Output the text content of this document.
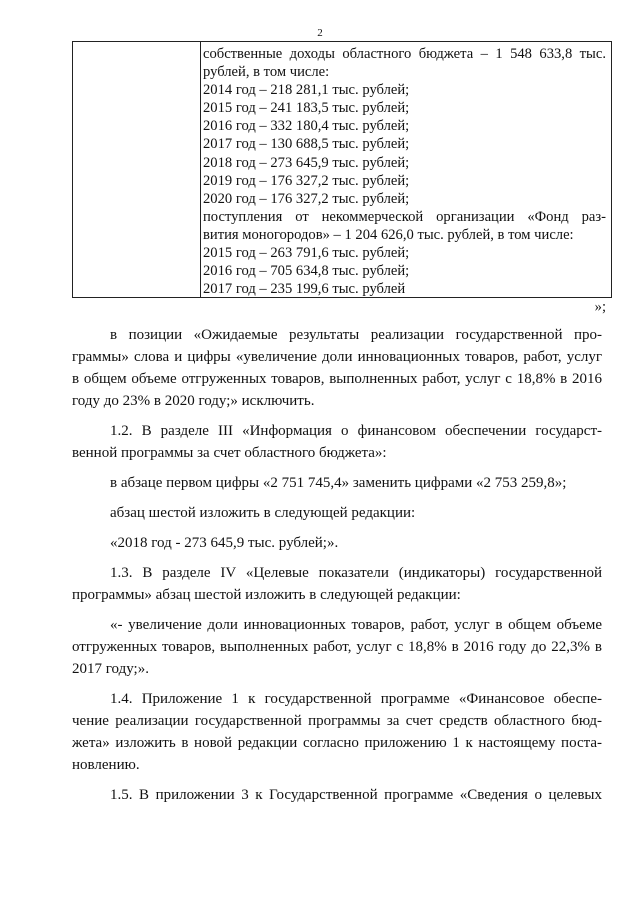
2
собственные доходы областного бюджета – 1 548 633,8 тыс.
рублей, в том числе:
2014 год – 218 281,1 тыс. рублей;
2015 год – 241 183,5 тыс. рублей;
2016 год – 332 180,4 тыс. рублей;
2017 год – 130 688,5 тыс. рублей;
2018 год – 273 645,9 тыс. рублей;
2019 год – 176 327,2 тыс. рублей;
2020 год – 176 327,2 тыс. рублей;
поступления от некоммерческой организации «Фонд раз-
вития моногородов» – 1 204 626,0 тыс. рублей, в том числе:
2015 год – 263 791,6 тыс. рублей;
2016 год – 705 634,8 тыс. рублей;
2017 год – 235 199,6 тыс. рублей
»;

в позиции «Ожидаемые результаты реализации государственной про-
граммы» слова и цифры «увеличение доли инновационных товаров, работ, услуг
в общем объеме отгруженных товаров, выполненных работ, услуг с 18,8% в 2016
году до 23% в 2020 году;» исключить.

1.2. В разделе III «Информация о финансовом обеспечении государст-
венной программы за счет областного бюджета»:

в абзаце первом цифры «2 751 745,4» заменить цифрами «2 753 259,8»;

абзац шестой изложить в следующей редакции:

«2018 год - 273 645,9 тыс. рублей;».

1.3. В разделе IV «Целевые показатели (индикаторы) государственной
программы» абзац шестой изложить в следующей редакции:

«- увеличение доли инновационных товаров, работ, услуг в общем объеме
отгруженных товаров, выполненных работ, услуг с 18,8% в 2016 году до 22,3% в
2017 году;».

1.4. Приложение 1 к государственной программе «Финансовое обеспе-
чение реализации государственной программы за счет средств областного бюд-
жета» изложить в новой редакции согласно приложению 1 к настоящему поста-
новлению.

1.5. В приложении 3 к Государственной программе «Сведения о целевых
